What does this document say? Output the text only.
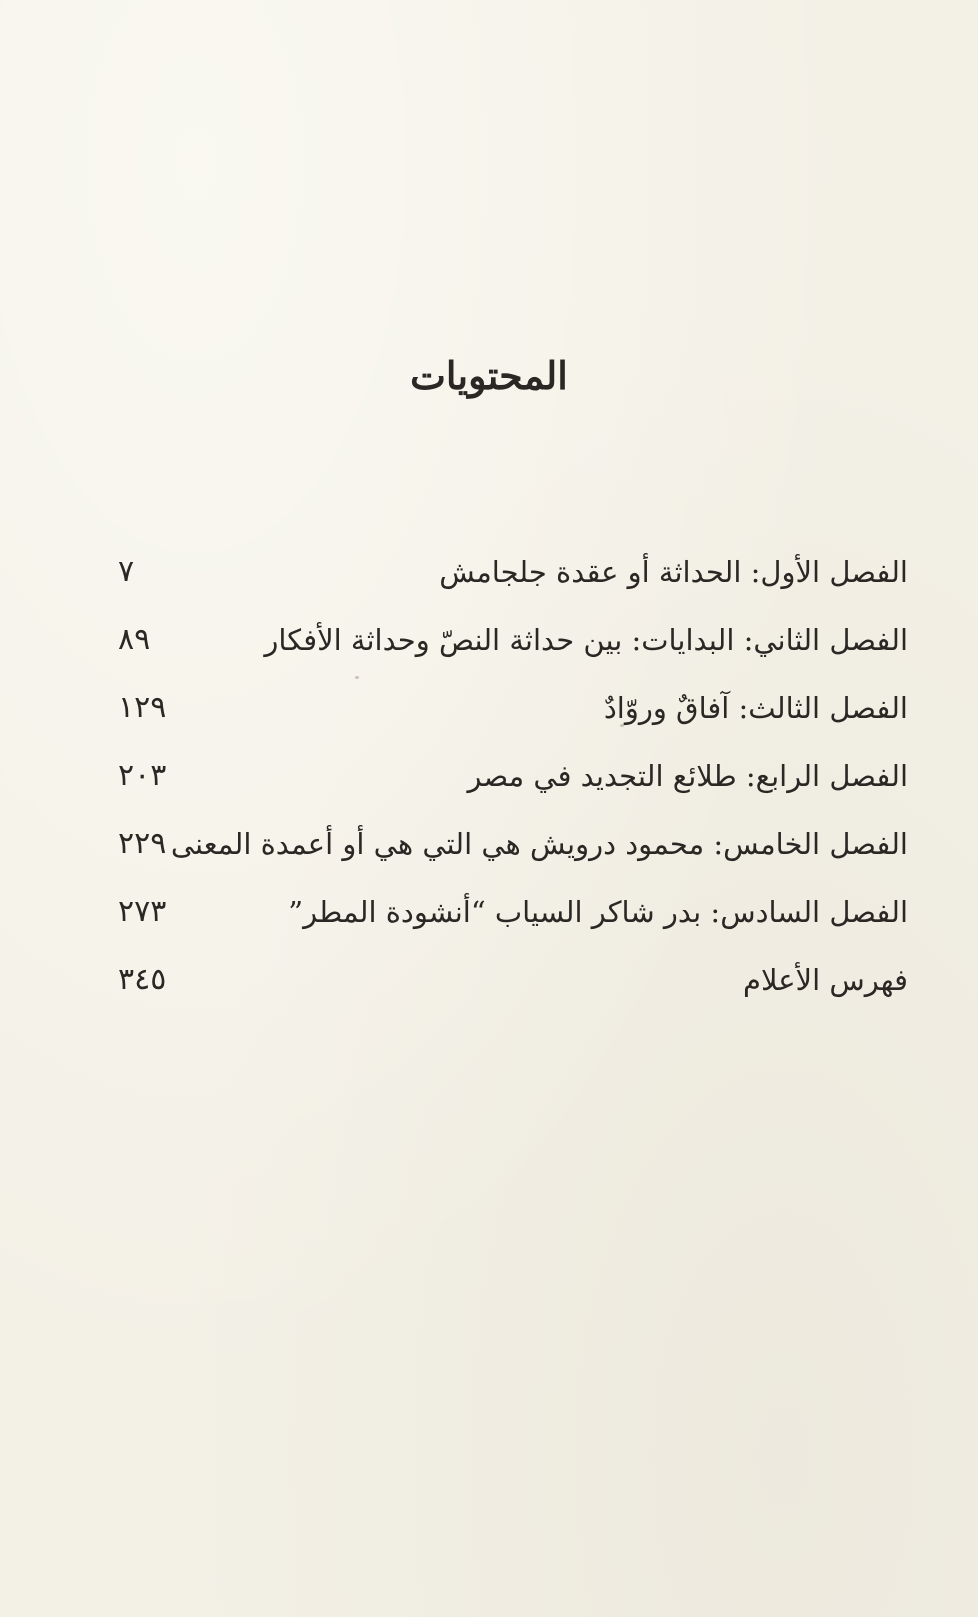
المحتويات
٧	الفصل الأول: الحداثة أو عقدة جلجامش
٨٩	الفصل الثاني: البدايات: بين حداثة النصّ وحداثة الأفكار
١٢٩	الفصل الثالث: آفاقٌ وروّادٌ
٢٠٣	الفصل الرابع: طلائع التجديد في مصر
٢٢٩ الفصل الخامس: محمود درويش هي التي هي أو أعمدة المعنى
٢٧٣	الفصل السادس: بدر شاكر السياب “أنشودة المطر”
٣٤٥	فهرس الأعلام
